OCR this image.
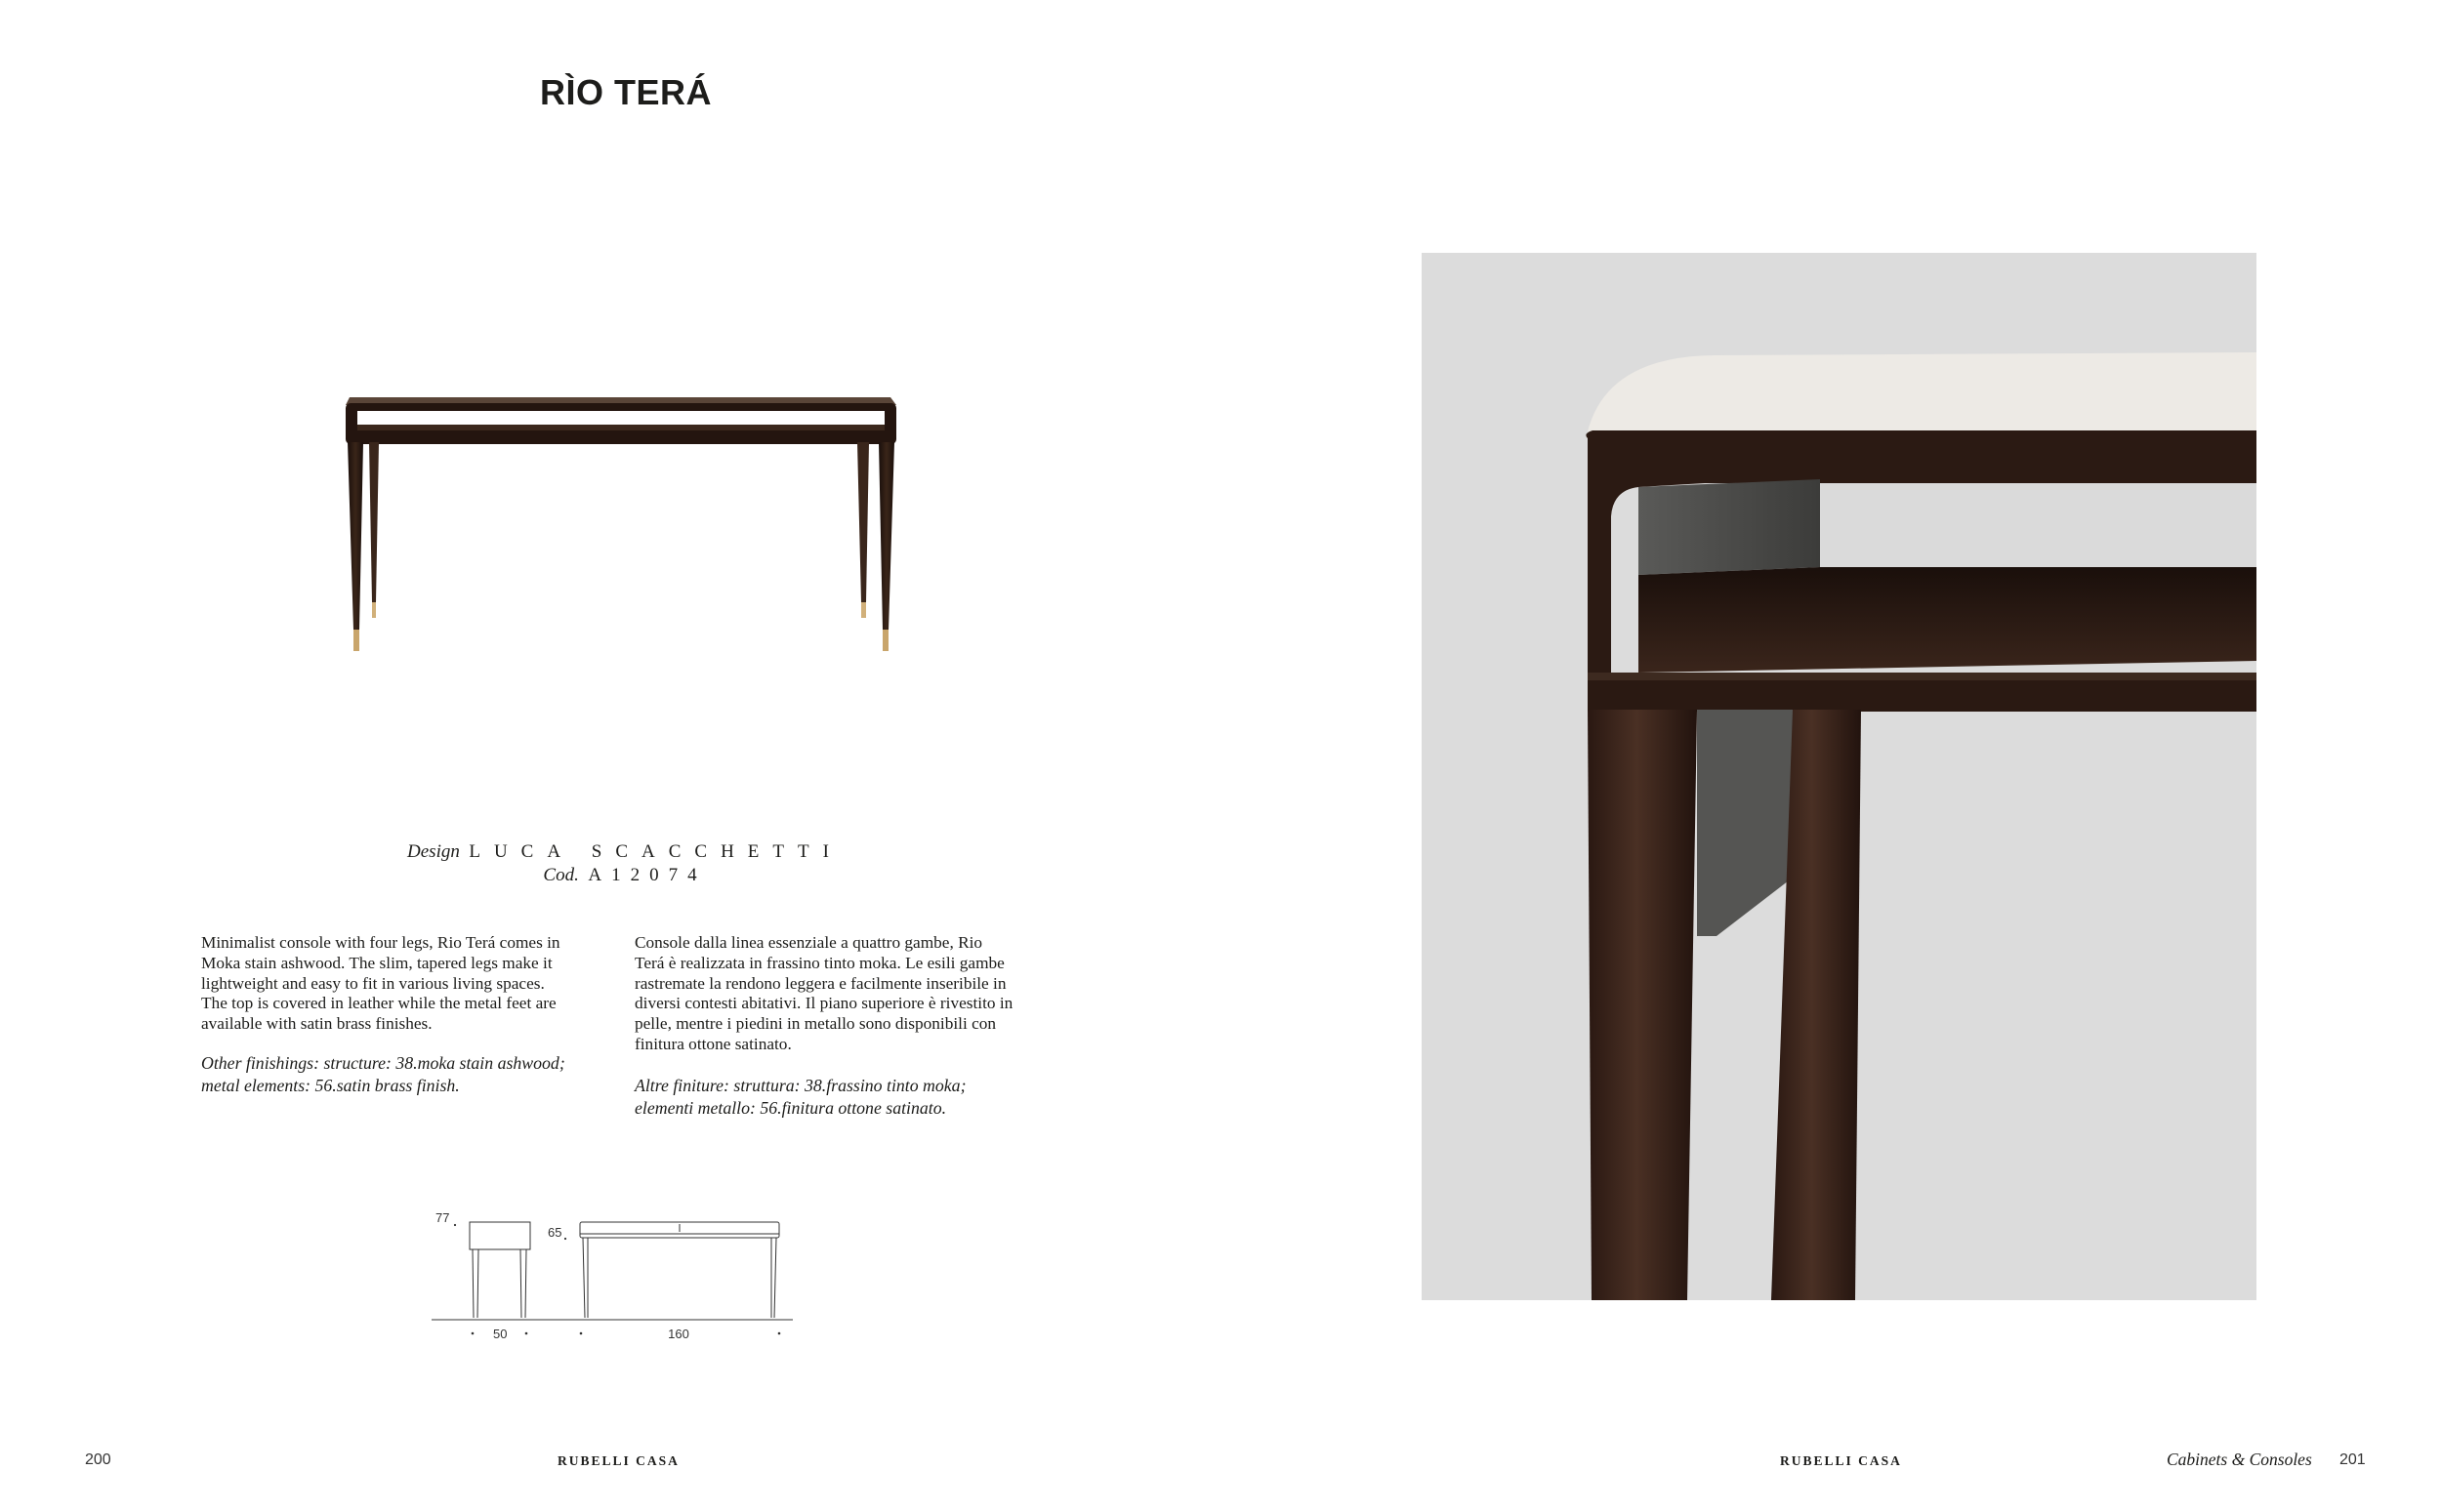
RÌO TERÁ
Design LUCA SCACCHETTI
Cod. A12074
Minimalist console with four legs, Rio Terá comes in
Moka stain ashwood. The slim, tapered legs make it
lightweight and easy to fit in various living spaces.
The top is covered in leather while the metal feet are
available with satin brass finishes.
Other finishings: structure: 38.moka stain ashwood;
metal elements: 56.satin brass finish.
Console dalla linea essenziale a quattro gambe, Rio
Terá è realizzata in frassino tinto moka. Le esili gambe
rastremate la rendono leggera e facilmente inseribile in
diversi contesti abitativi. Il piano superiore è rivestito in
pelle, mentre i piedini in metallo sono disponibili con
finitura ottone satinato.
Altre finiture: struttura: 38.frassino tinto moka;
elementi metallo: 56.finitura ottone satinato.
77
65
50	160
200	RUBELLI CASA	RUBELLI CASA	Cabinets & Consoles 201
